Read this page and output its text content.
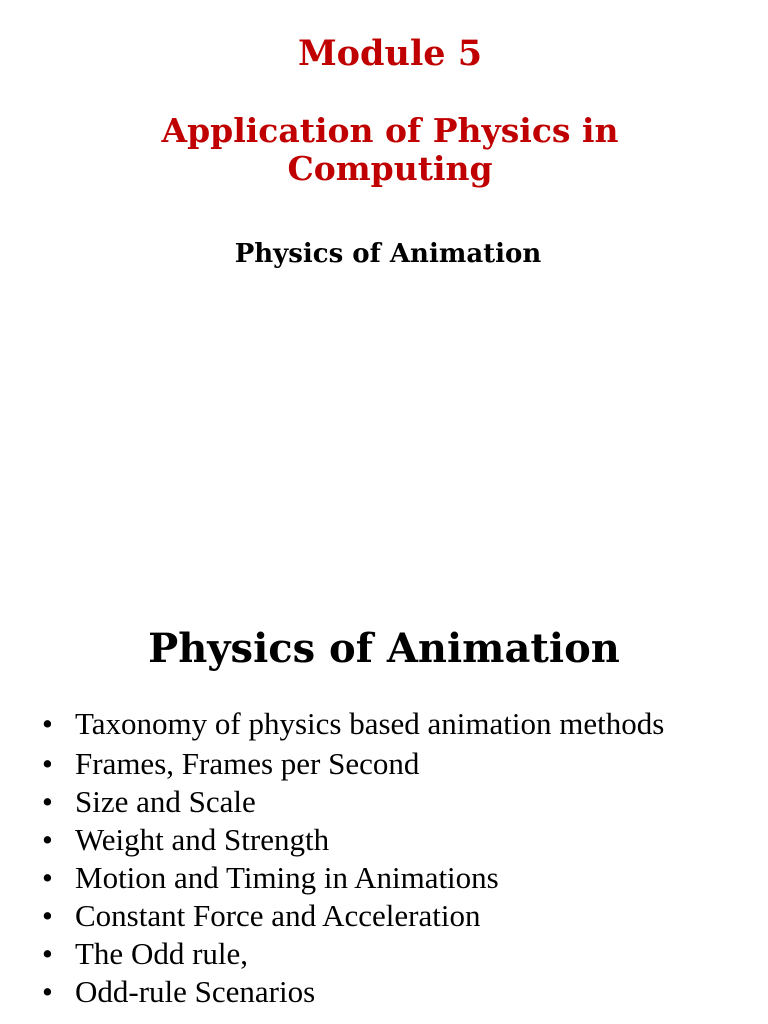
Module 5
Application of Physics in Computing
Physics of Animation
Physics of Animation
• Taxonomy of physics based animation methods
• Frames, Frames per Second
• Size and Scale
• Weight and Strength
• Motion and Timing in Animations
• Constant Force and Acceleration
• The Odd rule,
• Odd-rule Scenarios
